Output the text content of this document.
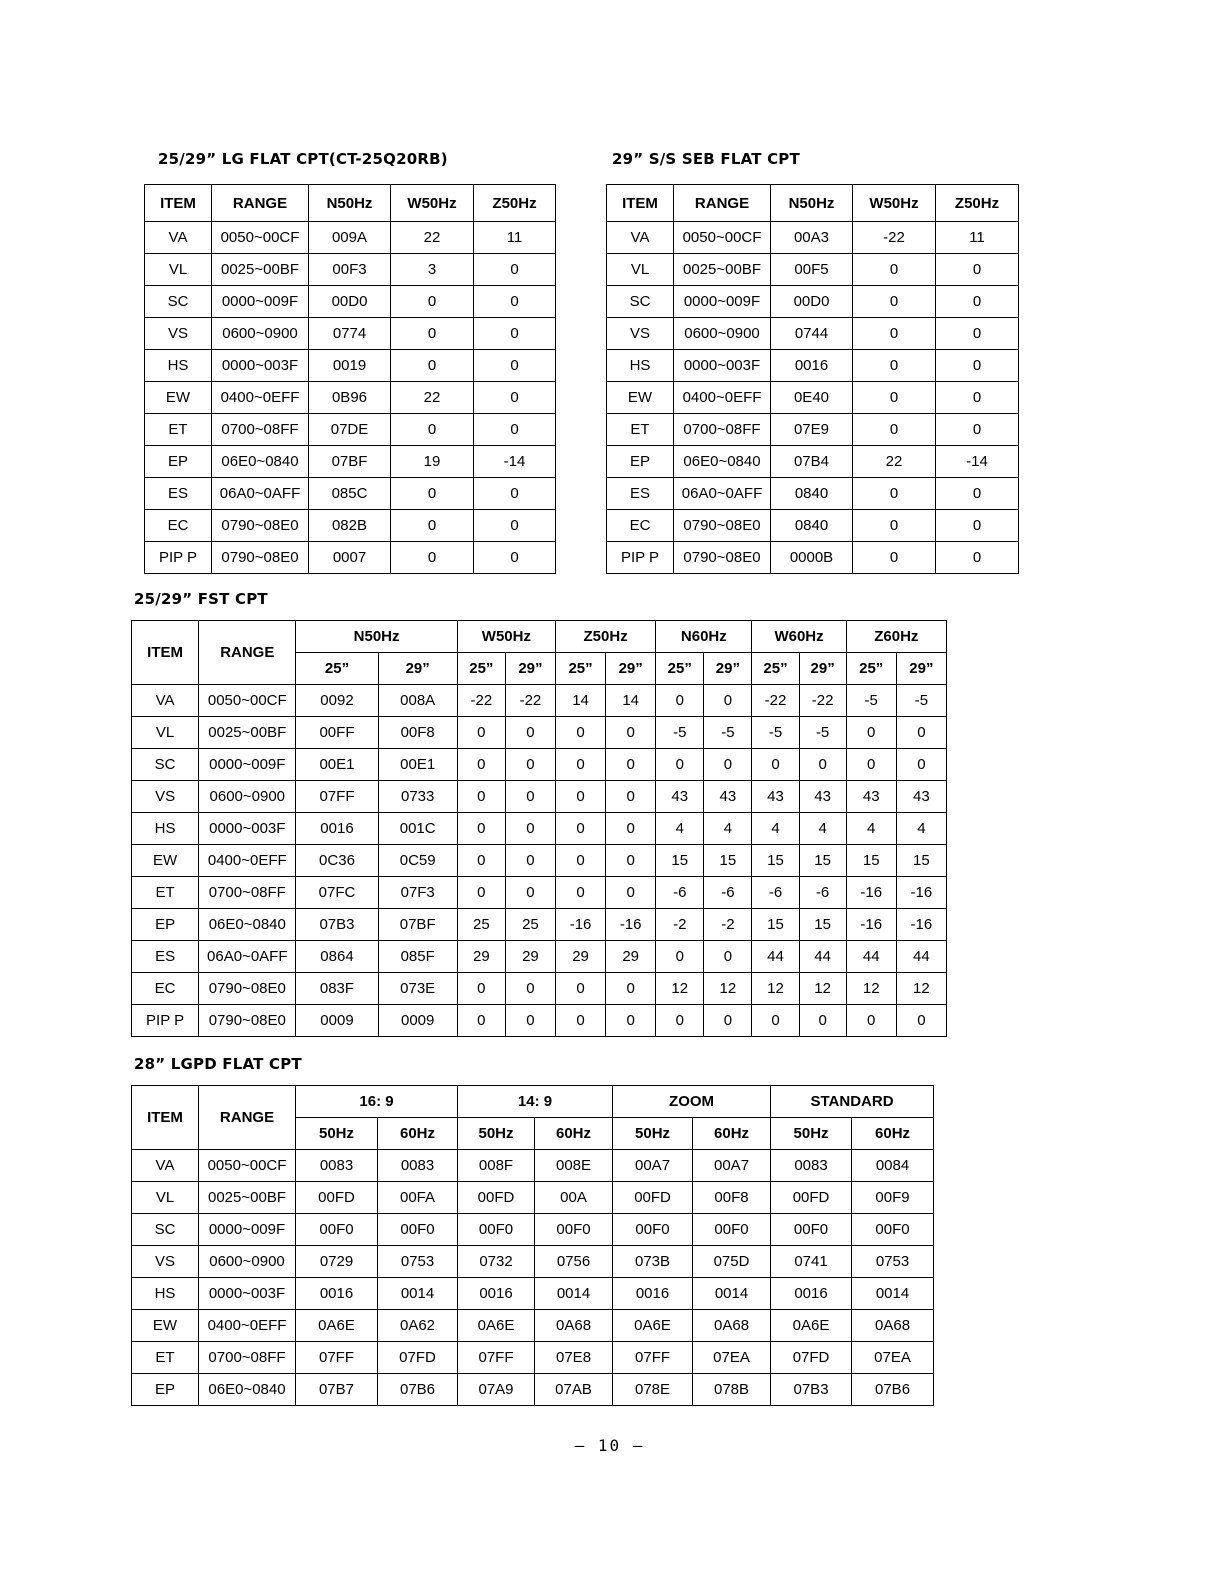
25/29” LG FLAT CPT(CT-25Q20RB)
ITEM	RANGE	N50Hz	W50Hz	Z50Hz
VA	0050~00CF	009A	22	11
VL	0025~00BF	00F3	3	0
SC	0000~009F	00D0	0	0
VS	0600~0900	0774	0	0
HS	0000~003F	0019	0	0
EW	0400~0EFF	0B96	22	0
ET	0700~08FF	07DE	0	0
EP	06E0~0840	07BF	19	-14
ES	06A0~0AFF	085C	0	0
EC	0790~08E0	082B	0	0
PIP P	0790~08E0	0007	0	0
29” S/S SEB FLAT CPT
ITEM	RANGE	N50Hz	W50Hz	Z50Hz
VA	0050~00CF	00A3	-22	11
VL	0025~00BF	00F5	0	0
SC	0000~009F	00D0	0	0
VS	0600~0900	0744	0	0
HS	0000~003F	0016	0	0
EW	0400~0EFF	0E40	0	0
ET	0700~08FF	07E9	0	0
EP	06E0~0840	07B4	22	-14
ES	06A0~0AFF	0840	0	0
EC	0790~08E0	0840	0	0
PIP P	0790~08E0	0000B	0	0
25/29” FST CPT
ITEM	RANGE	N50Hz		W50Hz		Z50Hz		N60Hz		W60Hz		Z60Hz	
		25”	29”	25”	29”	25”	29”	25”	29”	25”	29”	25”	29”
VA	0050~00CF	0092	008A	-22	-22	14	14	0	0	-22	-22	-5	-5
VL	0025~00BF	00FF	00F8	0	0	0	0	-5	-5	-5	-5	0	0
SC	0000~009F	00E1	00E1	0	0	0	0	0	0	0	0	0	0
VS	0600~0900	07FF	0733	0	0	0	0	43	43	43	43	43	43
HS	0000~003F	0016	001C	0	0	0	0	4	4	4	4	4	4
EW	0400~0EFF	0C36	0C59	0	0	0	0	15	15	15	15	15	15
ET	0700~08FF	07FC	07F3	0	0	0	0	-6	-6	-6	-6	-16	-16
EP	06E0~0840	07B3	07BF	25	25	-16	-16	-2	-2	15	15	-16	-16
ES	06A0~0AFF	0864	085F	29	29	29	29	0	0	44	44	44	44
EC	0790~08E0	083F	073E	0	0	0	0	12	12	12	12	12	12
PIP P	0790~08E0	0009	0009	0	0	0	0	0	0	0	0	0	0
28” LGPD FLAT CPT
ITEM	RANGE	16: 9		14: 9		ZOOM		STANDARD	
		50Hz	60Hz	50Hz	60Hz	50Hz	60Hz	50Hz	60Hz
VA	0050~00CF	0083	0083	008F	008E	00A7	00A7	0083	0084
VL	0025~00BF	00FD	00FA	00FD	00A	00FD	00F8	00FD	00F9
SC	0000~009F	00F0	00F0	00F0	00F0	00F0	00F0	00F0	00F0
VS	0600~0900	0729	0753	0732	0756	073B	075D	0741	0753
HS	0000~003F	0016	0014	0016	0014	0016	0014	0016	0014
EW	0400~0EFF	0A6E	0A62	0A6E	0A68	0A6E	0A68	0A6E	0A68
ET	0700~08FF	07FF	07FD	07FF	07E8	07FF	07EA	07FD	07EA
EP	06E0~0840	07B7	07B6	07A9	07AB	078E	078B	07B3	07B6
– 10 –
